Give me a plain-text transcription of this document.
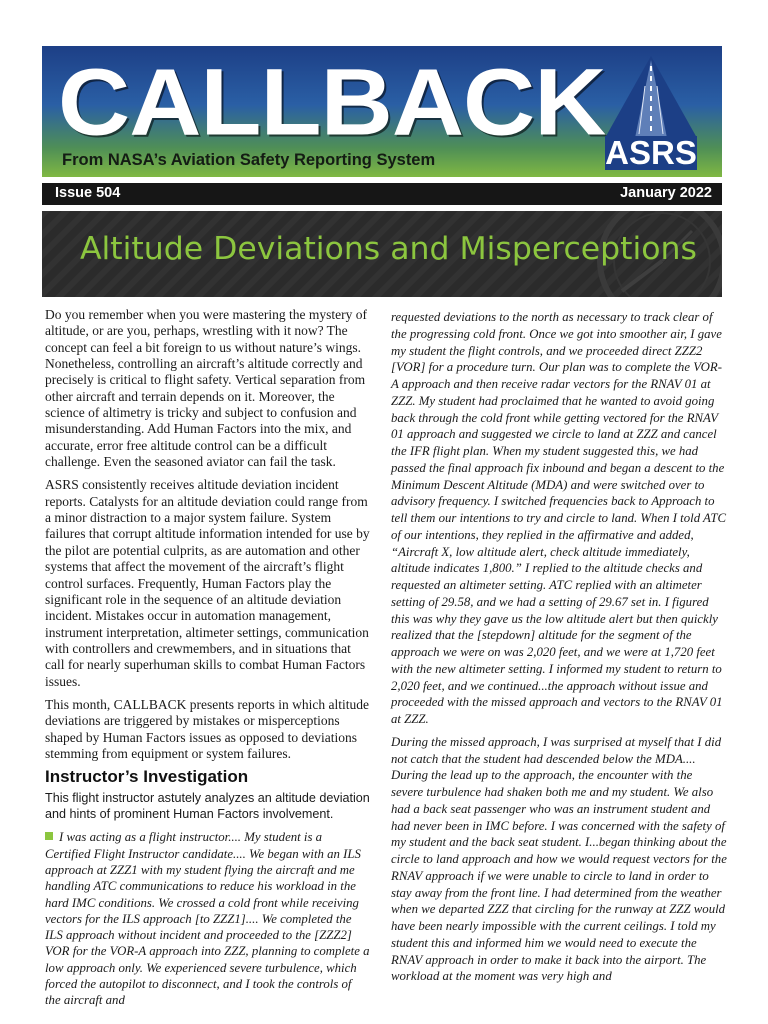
CALLBACK
From NASA’s Aviation Safety Reporting System	ASRS
Issue 504	January 2022
Altitude Deviations and Misperceptions

Do you remember when you were mastering the mystery of altitude, or are you, perhaps, wrestling with it now? The concept can feel a bit foreign to us without nature’s wings. Nonetheless, controlling an aircraft’s altitude correctly and precisely is critical to flight safety. Vertical separation from other aircraft and terrain depends on it. Moreover, the science of altimetry is tricky and subject to confusion and misunderstanding. Add Human Factors into the mix, and accurate, error free altitude control can be a difficult challenge. Even the seasoned aviator can fail the task.

ASRS consistently receives altitude deviation incident reports. Catalysts for an altitude deviation could range from a minor distraction to a major system failure. System failures that corrupt altitude information intended for use by the pilot are potential culprits, as are automation and other systems that affect the movement of the aircraft’s flight control surfaces. Frequently, Human Factors play the significant role in the sequence of an altitude deviation incident. Mistakes occur in automation management, instrument interpretation, altimeter settings, communication with controllers and crewmembers, and in situations that call for nearly superhuman skills to combat Human Factors issues.

This month, CALLBACK presents reports in which altitude deviations are triggered by mistakes or misperceptions shaped by Human Factors issues as opposed to deviations stemming from equipment or system failures.

Instructor’s Investigation

This flight instructor astutely analyzes an altitude deviation and hints of prominent Human Factors involvement.

I was acting as a flight instructor.... My student is a Certified Flight Instructor candidate.... We began with an ILS approach at ZZZ1 with my student flying the aircraft and me handling ATC communications to reduce his workload in the hard IMC conditions. We crossed a cold front while receiving vectors for the ILS approach [to ZZZ1].... We completed the ILS approach without incident and proceeded to the [ZZZ2] VOR for the VOR-A approach into ZZZ, planning to complete a low approach only. We experienced severe turbulence, which forced the autopilot to disconnect, and I took the controls of the aircraft and

requested deviations to the north as necessary to track clear of the progressing cold front. Once we got into smoother air, I gave my student the flight controls, and we proceeded direct ZZZ2 [VOR] for a procedure turn. Our plan was to complete the VOR-A approach and then receive radar vectors for the RNAV 01 at ZZZ. My student had proclaimed that he wanted to avoid going back through the cold front while getting vectored for the RNAV 01 approach and suggested we circle to land at ZZZ and cancel the IFR flight plan. When my student suggested this, we had passed the final approach fix inbound and began a descent to the Minimum Descent Altitude (MDA) and were switched over to advisory frequency. I switched frequencies back to Approach to tell them our intentions to try and circle to land. When I told ATC of our intentions, they replied in the affirmative and added, “Aircraft X, low altitude alert, check altitude immediately, altitude indicates 1,800.” I replied to the altitude checks and requested an altimeter setting. ATC replied with an altimeter setting of 29.58, and we had a setting of 29.67 set in. I figured this was why they gave us the low altitude alert but then quickly realized that the [stepdown] altitude for the segment of the approach we were on was 2,020 feet, and we were at 1,720 feet with the new altimeter setting. I informed my student to return to 2,020 feet, and we continued...the approach without issue and proceeded with the missed approach and vectors to the RNAV 01 at ZZZ.

During the missed approach, I was surprised at myself that I did not catch that the student had descended below the MDA.... During the lead up to the approach, the encounter with the severe turbulence had shaken both me and my student. We also had a back seat passenger who was an instrument student and had never been in IMC before. I was concerned with the safety of my student and the back seat student. I...began thinking about the circle to land approach and how we would request vectors for the RNAV approach if we were unable to circle to land in order to stay away from the front line. I had determined from the weather when we departed ZZZ that circling for the runway at ZZZ would have been nearly impossible with the current ceilings. I told my student this and informed him we would need to execute the RNAV approach in order to make it back into the airport. The workload at the moment was very high and
